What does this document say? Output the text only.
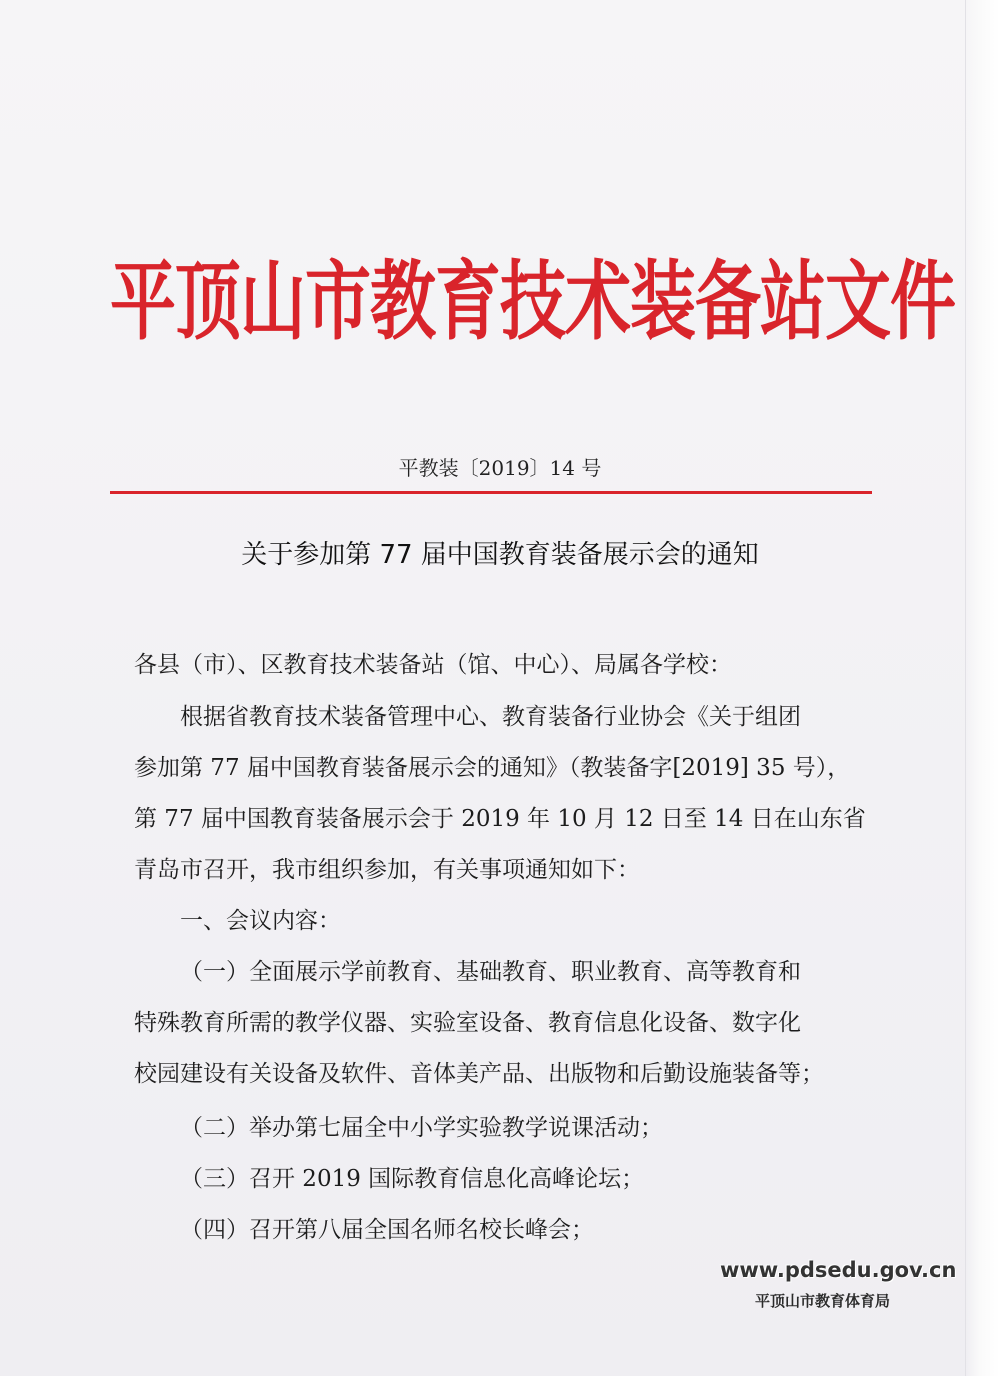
平顶山市教育技术装备站文件
平教装〔2019〕14 号
关于参加第 77 届中国教育装备展示会的通知
各县（市）、区教育技术装备站（馆、中心）、局属各学校：
根据省教育技术装备管理中心、教育装备行业协会《关于组团
参加第 77 届中国教育装备展示会的通知》（教装备字[2019] 35 号），
第 77 届中国教育装备展示会于 2019 年 10 月 12 日至 14 日在山东省
青岛市召开，我市组织参加，有关事项通知如下：
一、会议内容：
（一）全面展示学前教育、基础教育、职业教育、高等教育和
特殊教育所需的教学仪器、实验室设备、教育信息化设备、数字化
校园建设有关设备及软件、音体美产品、出版物和后勤设施装备等；
（二）举办第七届全中小学实验教学说课活动；
（三）召开 2019 国际教育信息化高峰论坛；
（四）召开第八届全国名师名校长峰会；
www.pdsedu.gov.cn
平顶山市教育体育局
